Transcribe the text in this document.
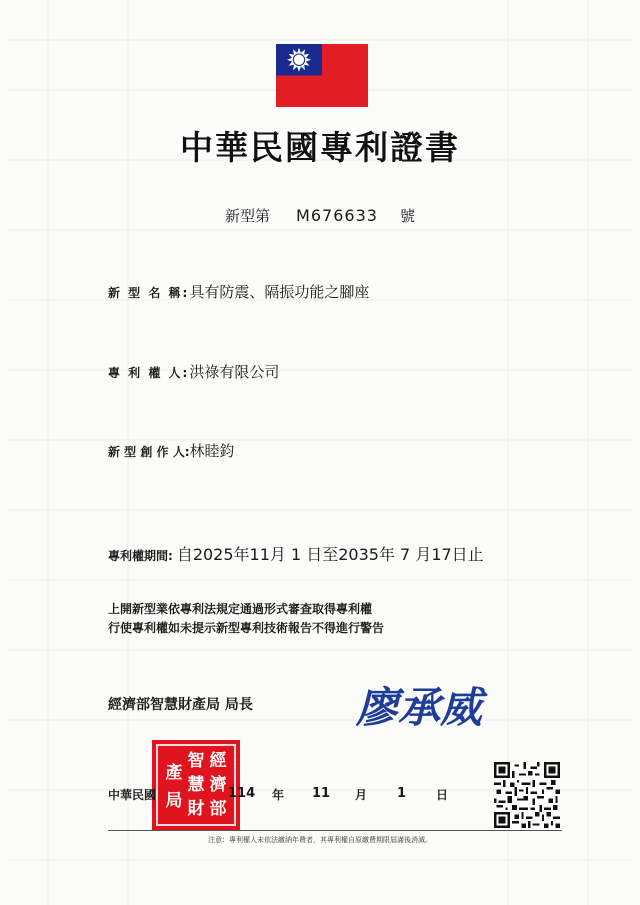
中華民國專利證書
新型第 M676633 號
新 型 名 稱:具有防震、隔振功能之腳座
專 利 權 人:洪祿有限公司
新 型 創 作 人:林睦鈞
專利權期間: 自2025年11月 1 日至2035年 7 月17日止
上開新型業依專利法規定通過形式審查取得專利權
行使專利權如未提示新型專利技術報告不得進行警告
經濟部智慧財產局 局長 廖承威
經
濟
部
智
慧
財
產
局
中華民國	114 年 11 月 1 日
注意：專利權人未依法繳納年費者，其專利權自原繳費期限屆滿後消滅。
